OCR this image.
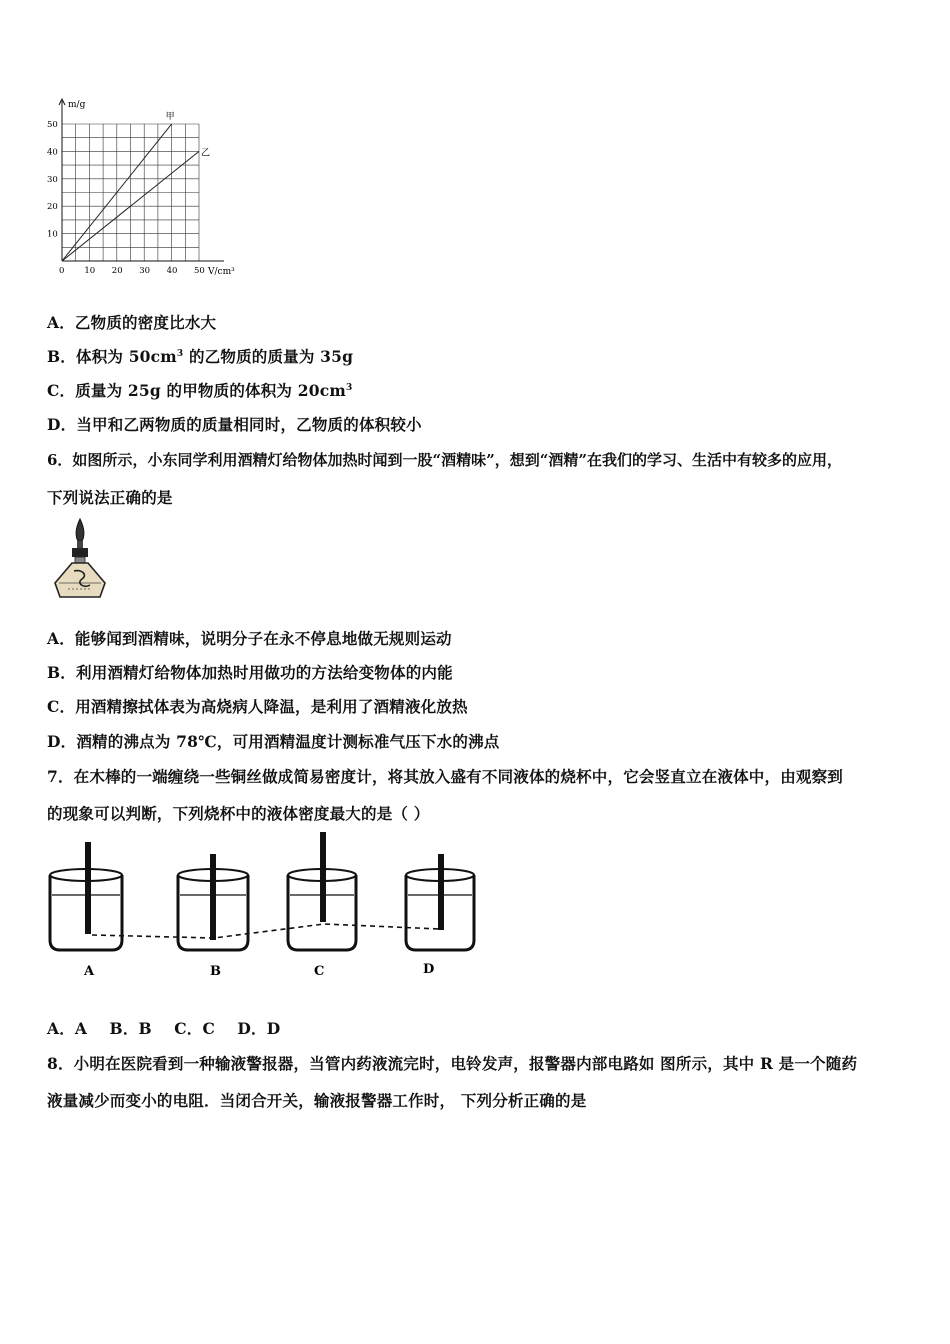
0 10 20 30 40 50
10
20
30
40
50
甲
乙
m/g
V/cm³
A．乙物质的密度比水大
B．体积为 $50cm^3$ 的乙物质的质量为 35g
C．质量为 25g 的甲物质的体积为 $20cm^3$
D．当甲和乙两物质的质量相同时，乙物质的体积较小
6．如图所示，小东同学利用酒精灯给物体加热时闻到一股“酒精味”，想到“酒精”在我们的学习、生活中有较多的应用，
下列说法正确的是
A．能够闻到酒精味，说明分子在永不停息地做无规则运动
B．利用酒精灯给物体加热时用做功的方法给变物体的内能
C．用酒精擦拭体表为高烧病人降温，是利用了酒精液化放热
D．酒精的沸点为 78℃，可用酒精温度计测标准气压下水的沸点
7．在木棒的一端缠绕一些铜丝做成简易密度计，将其放入盛有不同液体的烧杯中，它会竖直立在液体中，由观察到
的现象可以判断，下列烧杯中的液体密度最大的是（ ）
A	B	C	D
A．A    B．B    C．C    D．D
8．小明在医院看到一种输液警报器，当管内药液流完时，电铃发声，报警器内部电路如 图所示，其中 R 是一个随药
液量减少而变小的电阻．当闭合开关，输液报警器工作时， 下列分析正确的是
